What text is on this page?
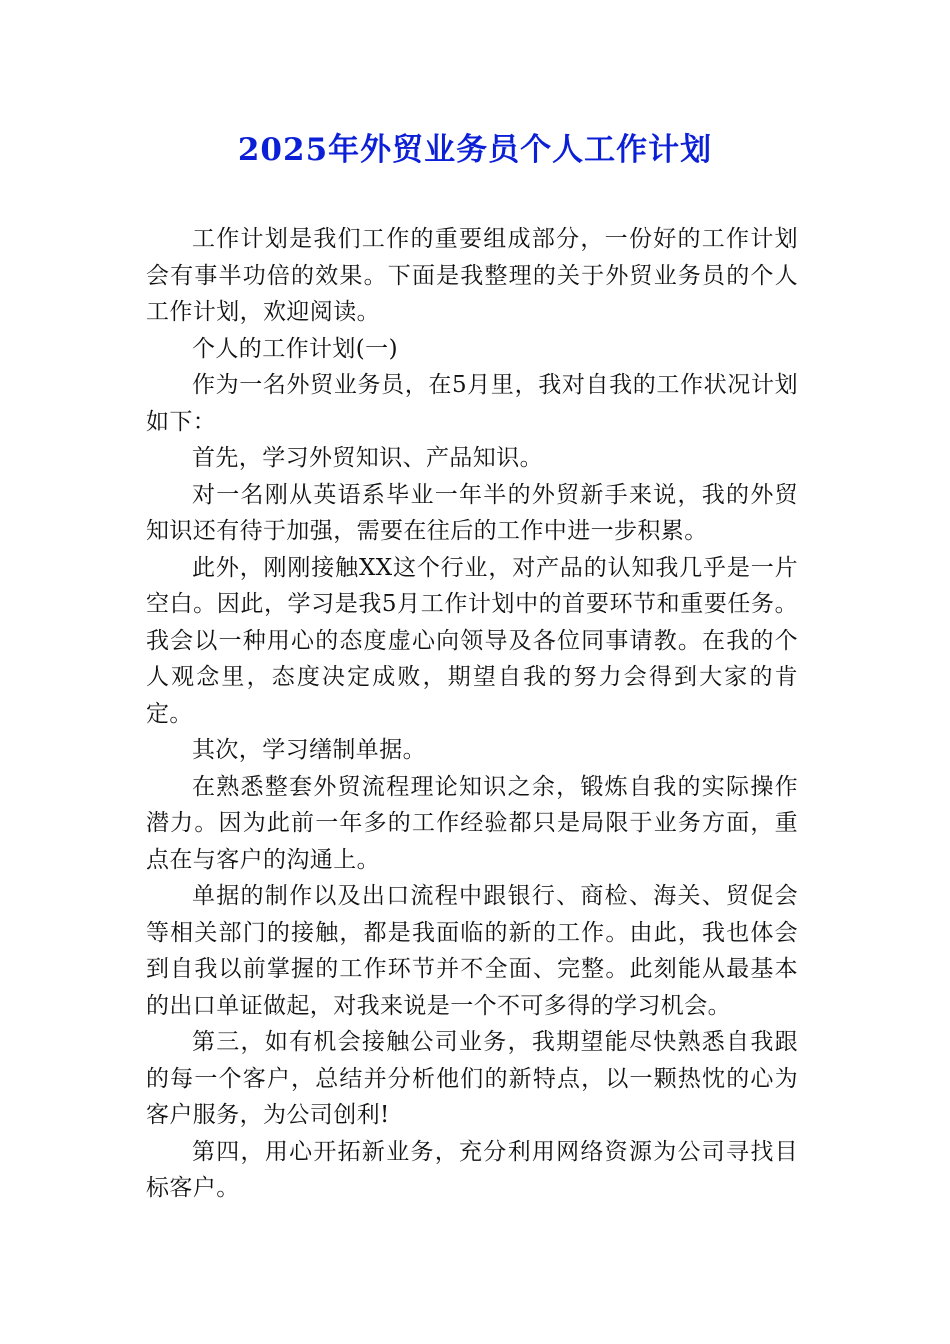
2025年外贸业务员个人工作计划

工作计划是我们工作的重要组成部分，一份好的工作计划会有事半功倍的效果。下面是我整理的关于外贸业务员的个人工作计划，欢迎阅读。

个人的工作计划(一)

作为一名外贸业务员，在5月里，我对自我的工作状况计划如下：

首先，学习外贸知识、产品知识。

对一名刚从英语系毕业一年半的外贸新手来说，我的外贸知识还有待于加强，需要在往后的工作中进一步积累。

此外，刚刚接触XX这个行业，对产品的认知我几乎是一片空白。因此，学习是我5月工作计划中的首要环节和重要任务。我会以一种用心的态度虚心向领导及各位同事请教。在我的个人观念里，态度决定成败，期望自我的努力会得到大家的肯定。

其次，学习缮制单据。

在熟悉整套外贸流程理论知识之余，锻炼自我的实际操作潜力。因为此前一年多的工作经验都只是局限于业务方面，重点在与客户的沟通上。

单据的制作以及出口流程中跟银行、商检、海关、贸促会等相关部门的接触，都是我面临的新的工作。由此，我也体会到自我以前掌握的工作环节并不全面、完整。此刻能从最基本的出口单证做起，对我来说是一个不可多得的学习机会。

第三，如有机会接触公司业务，我期望能尽快熟悉自我跟的每一个客户，总结并分析他们的新特点，以一颗热忱的心为客户服务，为公司创利!

第四，用心开拓新业务，充分利用网络资源为公司寻找目标客户。
